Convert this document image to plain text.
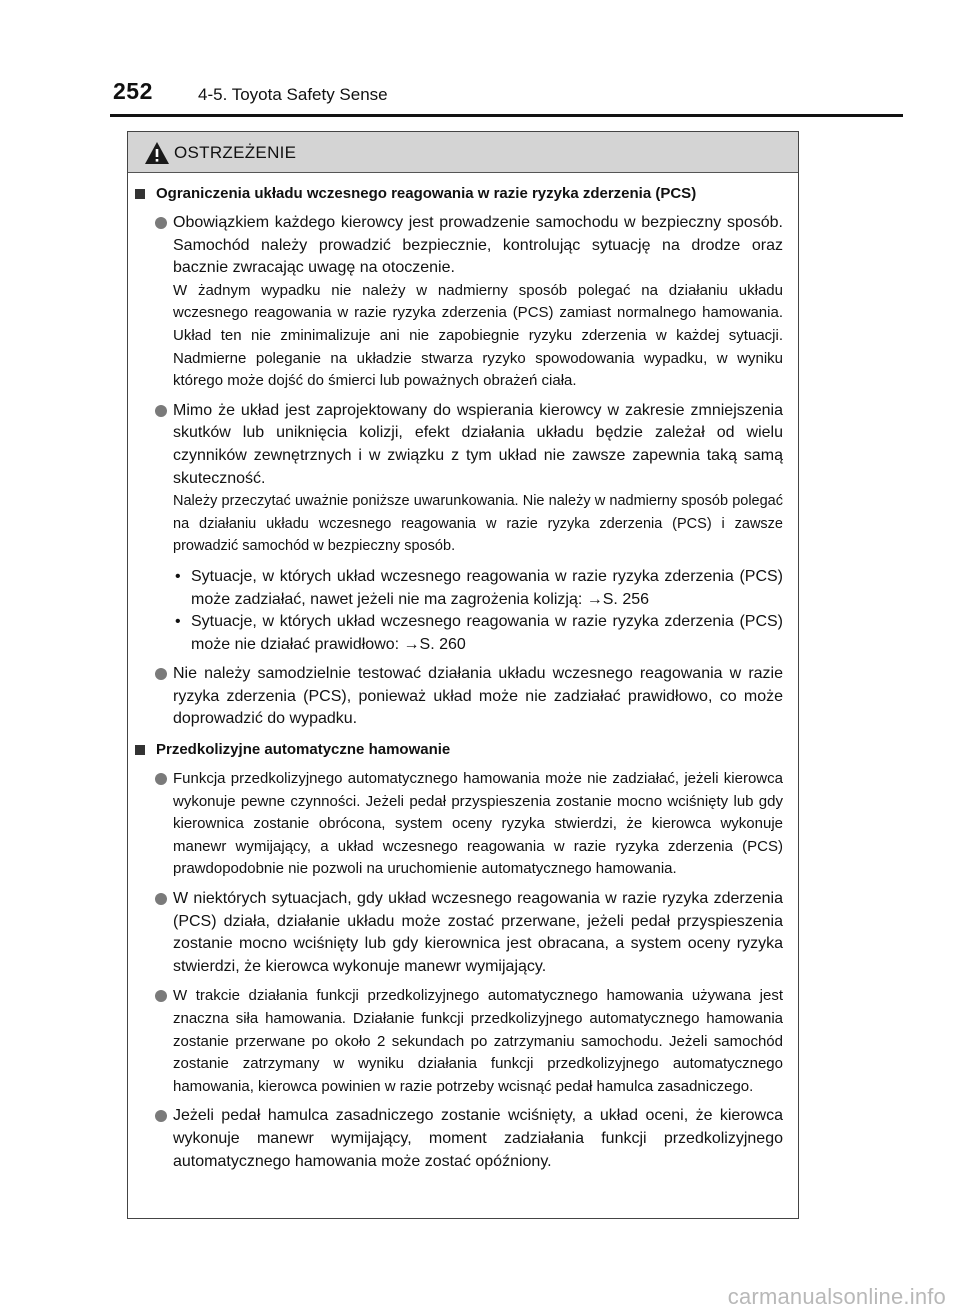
252	4-5. Toyota Safety Sense
OSTRZEŻENIE
Ograniczenia układu wczesnego reagowania w razie ryzyka zderzenia (PCS)

Obowiązkiem każdego kierowcy jest prowadzenie samochodu w bezpieczny sposób. Samochód należy prowadzić bezpiecznie, kontrolując sytuację na drodze oraz bacznie zwracając uwagę na otoczenie.

W żadnym wypadku nie należy w nadmierny sposób polegać na działaniu układu wczesnego reagowania w razie ryzyka zderzenia (PCS) zamiast normalnego hamowania. Układ ten nie zminimalizuje ani nie zapobiegnie ryzyku zderzenia w każdej sytuacji. Nadmierne poleganie na układzie stwarza ryzyko spowodowania wypadku, w wyniku którego może dojść do śmierci lub poważnych obrażeń ciała.

Mimo że układ jest zaprojektowany do wspierania kierowcy w zakresie zmniejszenia skutków lub uniknięcia kolizji, efekt działania układu będzie zależał od wielu czynników zewnętrznych i w związku z tym układ nie zawsze zapewnia taką samą skuteczność.

Należy przeczytać uważnie poniższe uwarunkowania. Nie należy w nadmierny sposób polegać na działaniu układu wczesnego reagowania w razie ryzyka zderzenia (PCS) i zawsze prowadzić samochód w bezpieczny sposób.

• Sytuacje, w których układ wczesnego reagowania w razie ryzyka zderzenia (PCS) może zadziałać, nawet jeżeli nie ma zagrożenia kolizją: →S. 256
• Sytuacje, w których układ wczesnego reagowania w razie ryzyka zderzenia (PCS) może nie działać prawidłowo: →S. 260

Nie należy samodzielnie testować działania układu wczesnego reagowania w razie ryzyka zderzenia (PCS), ponieważ układ może nie zadziałać prawidłowo, co może doprowadzić do wypadku.

Przedkolizyjne automatyczne hamowanie

Funkcja przedkolizyjnego automatycznego hamowania może nie zadziałać, jeżeli kierowca wykonuje pewne czynności. Jeżeli pedał przyspieszenia zostanie mocno wciśnięty lub gdy kierownica zostanie obrócona, system oceny ryzyka stwierdzi, że kierowca wykonuje manewr wymijający, a układ wczesnego reagowania w razie ryzyka zderzenia (PCS) prawdopodobnie nie pozwoli na uruchomienie automatycznego hamowania.

W niektórych sytuacjach, gdy układ wczesnego reagowania w razie ryzyka zderzenia (PCS) działa, działanie układu może zostać przerwane, jeżeli pedał przyspieszenia zostanie mocno wciśnięty lub gdy kierownica jest obracana, a system oceny ryzyka stwierdzi, że kierowca wykonuje manewr wymijający.

W trakcie działania funkcji przedkolizyjnego automatycznego hamowania używana jest znaczna siła hamowania. Działanie funkcji przedkolizyjnego automatycznego hamowania zostanie przerwane po około 2 sekundach po zatrzymaniu samochodu. Jeżeli samochód zostanie zatrzymany w wyniku działania funkcji przedkolizyjnego automatycznego hamowania, kierowca powinien w razie potrzeby wcisnąć pedał hamulca zasadniczego.

Jeżeli pedał hamulca zasadniczego zostanie wciśnięty, a układ oceni, że kierowca wykonuje manewr wymijający, moment zadziałania funkcji przedkolizyjnego automatycznego hamowania może zostać opóźniony.

carmanualsonline.info
